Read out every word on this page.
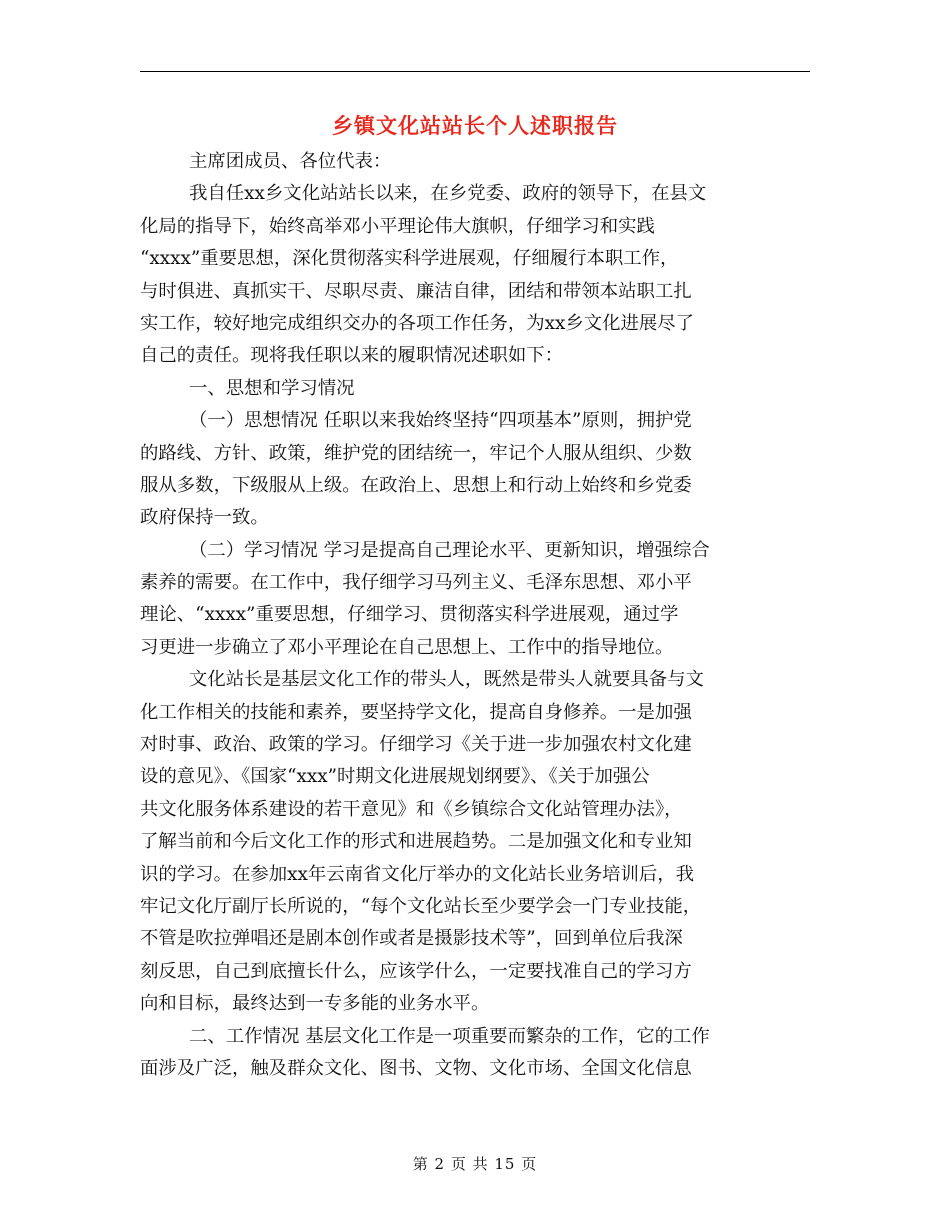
乡镇文化站站长个人述职报告
主席团成员、各位代表：
我自任xx乡文化站站长以来，在乡党委、政府的领导下，在县文
化局的指导下，始终高举邓小平理论伟大旗帜，仔细学习和实践
“xxxx”重要思想，深化贯彻落实科学进展观，仔细履行本职工作，
与时俱进、真抓实干、尽职尽责、廉洁自律，团结和带领本站职工扎
实工作，较好地完成组织交办的各项工作任务，为xx乡文化进展尽了
自己的责任。现将我任职以来的履职情况述职如下：
一、思想和学习情况
（一）思想情况 任职以来我始终坚持“四项基本”原则，拥护党
的路线、方针、政策，维护党的团结统一，牢记个人服从组织、少数
服从多数，下级服从上级。在政治上、思想上和行动上始终和乡党委
政府保持一致。
（二）学习情况 学习是提高自己理论水平、更新知识，增强综合
素养的需要。在工作中，我仔细学习马列主义、毛泽东思想、邓小平
理论、“xxxx”重要思想，仔细学习、贯彻落实科学进展观，通过学
习更进一步确立了邓小平理论在自己思想上、工作中的指导地位。
文化站长是基层文化工作的带头人，既然是带头人就要具备与文
化工作相关的技能和素养，要坚持学文化，提高自身修养。一是加强
对时事、政治、政策的学习。仔细学习《关于进一步加强农村文化建
设的意见》、《国家“xxx”时期文化进展规划纲要》、《关于加强公
共文化服务体系建设的若干意见》和《乡镇综合文化站管理办法》，
了解当前和今后文化工作的形式和进展趋势。二是加强文化和专业知
识的学习。在参加xx年云南省文化厅举办的文化站长业务培训后，我
牢记文化厅副厅长所说的，“每个文化站长至少要学会一门专业技能，
不管是吹拉弹唱还是剧本创作或者是摄影技术等”，回到单位后我深
刻反思，自己到底擅长什么，应该学什么，一定要找准自己的学习方
向和目标，最终达到一专多能的业务水平。
二、工作情况 基层文化工作是一项重要而繁杂的工作，它的工作
面涉及广泛，触及群众文化、图书、文物、文化市场、全国文化信息
第 2 页 共 15 页
